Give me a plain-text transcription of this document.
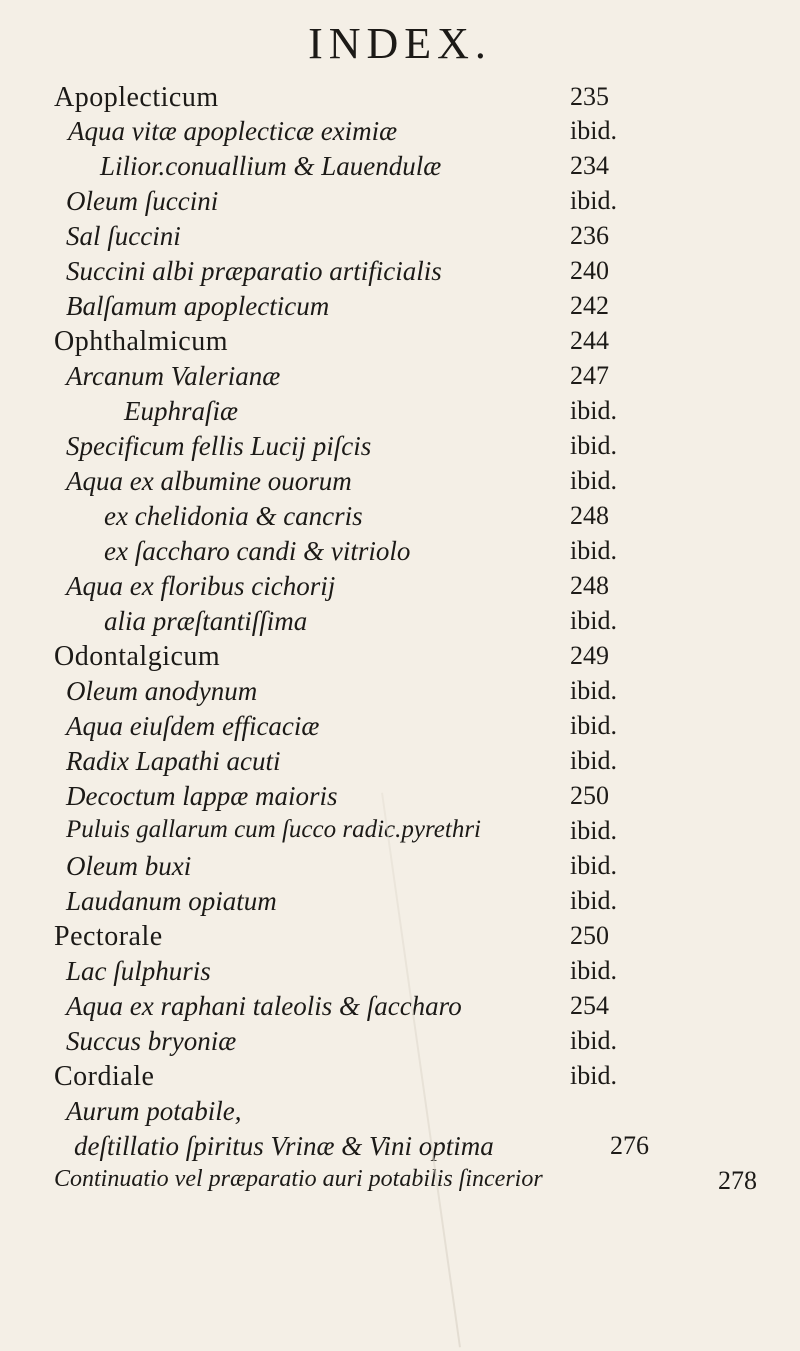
INDEX.
Apoplecticum	235
Aqua vitæ apoplecticæ eximiæ	ibid.
Lilior.conuallium & Lauendulæ	234
Oleum ſuccini	ibid.
Sal ſuccini	236
Succini albi præparatio artificialis	240
Balſamum apoplecticum	242
Ophthalmicum	244
Arcanum Valerianæ	247
Euphraſiæ	ibid.
Specificum fellis Lucij piſcis	ibid.
Aqua ex albumine ouorum	ibid.
ex chelidonia & cancris	248
ex ſaccharo candi & vitriolo	ibid.
Aqua ex floribus cichorij	248
alia præſtantiſſima	ibid.
Odontalgicum	249
Oleum anodynum	ibid.
Aqua eiuſdem efficaciæ	ibid.
Radix Lapathi acuti	ibid.
Decoctum lappæ maioris	250
Puluis gallarum cum ſucco radic.pyrethri	ibid.
Oleum buxi	ibid.
Laudanum opiatum	ibid.
Pectorale	250
Lac ſulphuris	ibid.
Aqua ex raphani taleolis & ſaccharo	254
Succus bryoniæ	ibid.
Cordiale	ibid.
Aurum potabile,
deſtillatio ſpiritus Vrinæ & Vini optima	276
Continuatio vel præparatio auri potabilis ſincerior	278
